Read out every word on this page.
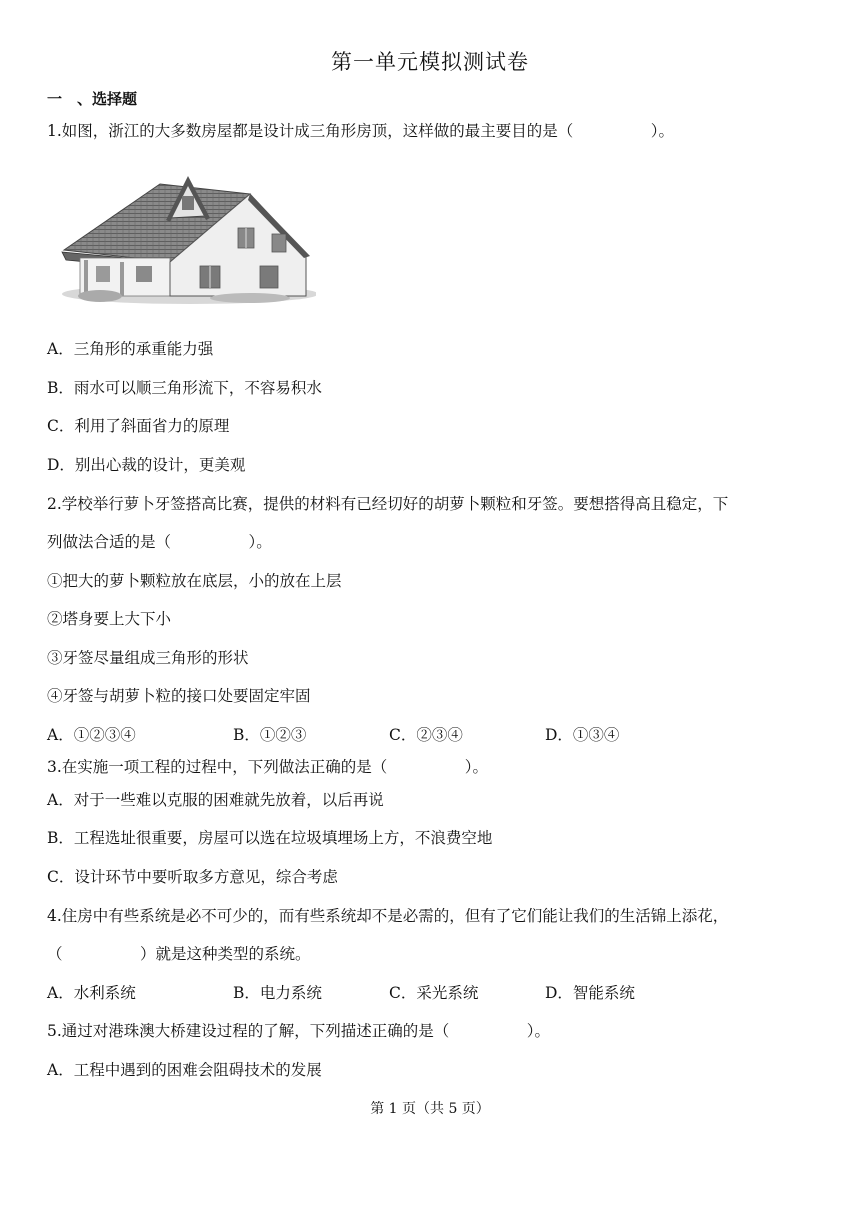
第一单元模拟测试卷
一　、选择题
1.如图，浙江的大多数房屋都是设计成三角形房顶，这样做的最主要目的是（　　　　　）。
A．三角形的承重能力强
B．雨水可以顺三角形流下，不容易积水
C．利用了斜面省力的原理
D．别出心裁的设计，更美观
2.学校举行萝卜牙签搭高比赛，提供的材料有已经切好的胡萝卜颗粒和牙签。要想搭得高且稳定，下
列做法合适的是（　　　　　）。
①把大的萝卜颗粒放在底层，小的放在上层
②塔身要上大下小
③牙签尽量组成三角形的形状
④牙签与胡萝卜粒的接口处要固定牢固
A．①②③④	B．①②③	C．②③④	D．①③④
3.在实施一项工程的过程中，下列做法正确的是（　　　　　）。
A．对于一些难以克服的困难就先放着，以后再说
B．工程选址很重要，房屋可以选在垃圾填埋场上方，不浪费空地
C．设计环节中要听取多方意见，综合考虑
4.住房中有些系统是必不可少的，而有些系统却不是必需的，但有了它们能让我们的生活锦上添花，
（　　　　　）就是这种类型的系统。
A．水利系统	B．电力系统	C．采光系统	D．智能系统
5.通过对港珠澳大桥建设过程的了解，下列描述正确的是（　　　　　）。
A．工程中遇到的困难会阻碍技术的发展
第 1 页（共 5 页）
